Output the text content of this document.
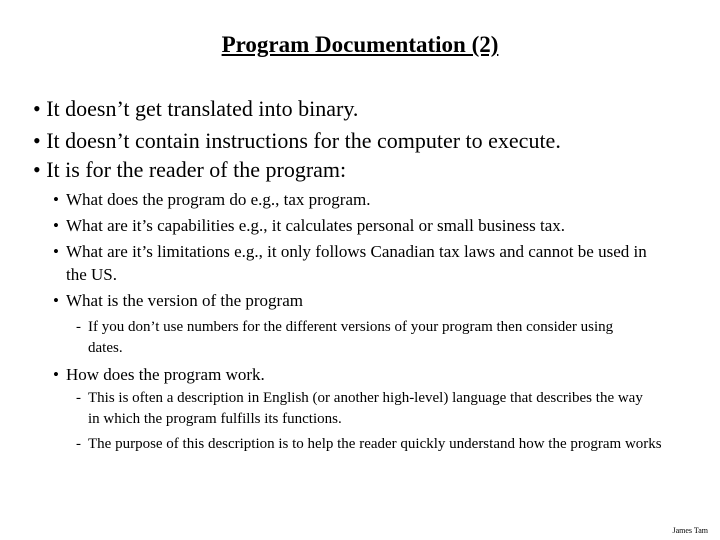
Program Documentation (2)
• It doesn’t get translated into binary.
• It doesn’t contain instructions for the computer to execute.
• It is for the reader of the program:
• What does the program do e.g., tax program.
• What are it’s capabilities e.g., it calculates personal or small business tax.
• What are it’s limitations e.g., it only follows Canadian tax laws and cannot be used in the US.
• What is the version of the program
- If you don’t use numbers for the different versions of your program then consider using dates.
• How does the program work.
- This is often a description in English (or another high-level) language that describes the way in which the program fulfills its functions.
- The purpose of this description is to help the reader quickly understand how the program works
James Tam
